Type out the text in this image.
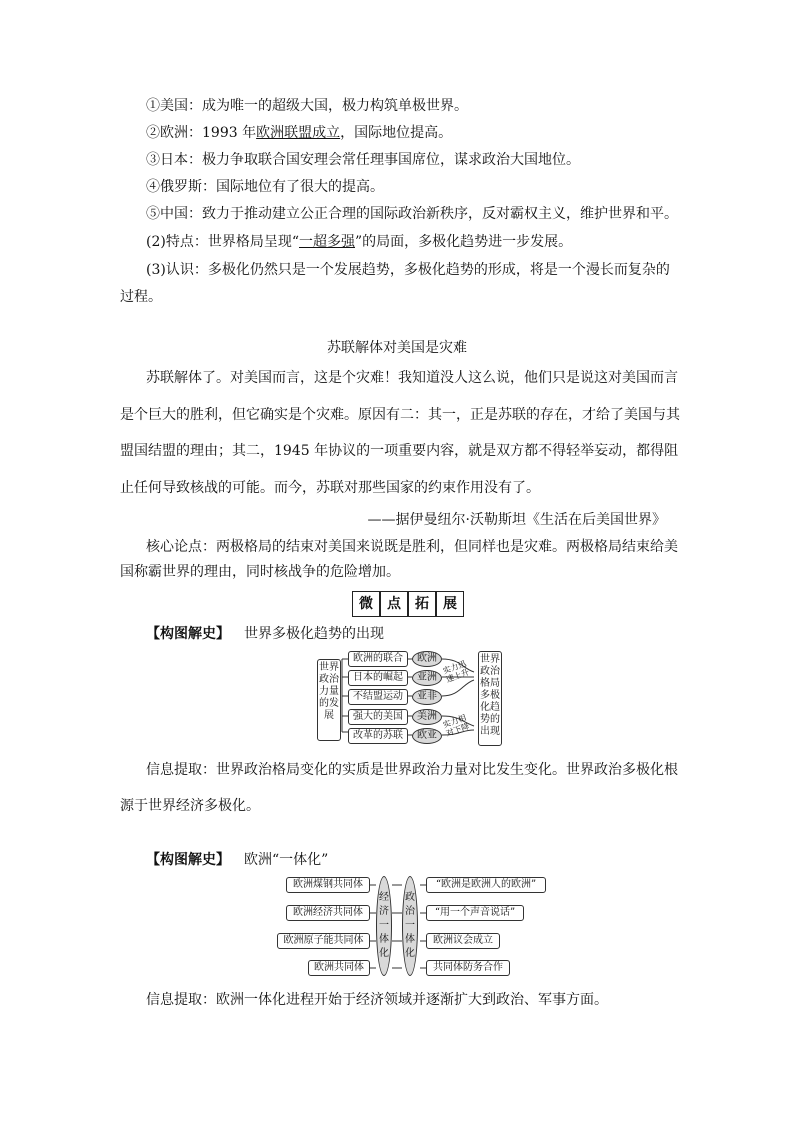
①美国：成为唯一的超级大国，极力构筑单极世界。
②欧洲：1993 年欧洲联盟成立，国际地位提高。
③日本：极力争取联合国安理会常任理事国席位，谋求政治大国地位。
④俄罗斯：国际地位有了很大的提高。
⑤中国：致力于推动建立公正合理的国际政治新秩序，反对霸权主义，维护世界和平。
(2)特点：世界格局呈现“一超多强”的局面，多极化趋势进一步发展。
(3)认识：多极化仍然只是一个发展趋势，多极化趋势的形成，将是一个漫长而复杂的
过程。
苏联解体对美国是灾难
苏联解体了。对美国而言，这是个灾难！我知道没人这么说，他们只是说这对美国而言
是个巨大的胜利，但它确实是个灾难。原因有二：其一，正是苏联的存在，才给了美国与其
盟国结盟的理由；其二，1945 年协议的一项重要内容，就是双方都不得轻举妄动，都得阻
止任何导致核战的可能。而今，苏联对那些国家的约束作用没有了。
——据伊曼纽尔·沃勒斯坦《生活在后美国世界》
核心论点：两极格局的结束对美国来说既是胜利，但同样也是灾难。两极格局结束给美
国称霸世界的理由，同时核战争的危险增加。
微	点	拓	展
【构图解史】 世界多极化趋势的出现
世界政治力量的发展
欧洲的联合
日本的崛起
不结盟运动
强大的美国
改革的苏联
欧洲
亚洲
亚非
美洲
欧亚
实力迅速上升
实力相对下降
世界政治格局多极化趋势的出现
信息提取：世界政治格局变化的实质是世界政治力量对比发生变化。世界政治多极化根
源于世界经济多极化。
【构图解史】 欧洲“一体化”
欧洲煤钢共同体
欧洲经济共同体
欧洲原子能共同体
欧洲共同体
经济一体化
政治一体化
“欧洲是欧洲人的欧洲”
“用一个声音说话”
欧洲议会成立
共同体防务合作
信息提取：欧洲一体化进程开始于经济领域并逐渐扩大到政治、军事方面。
